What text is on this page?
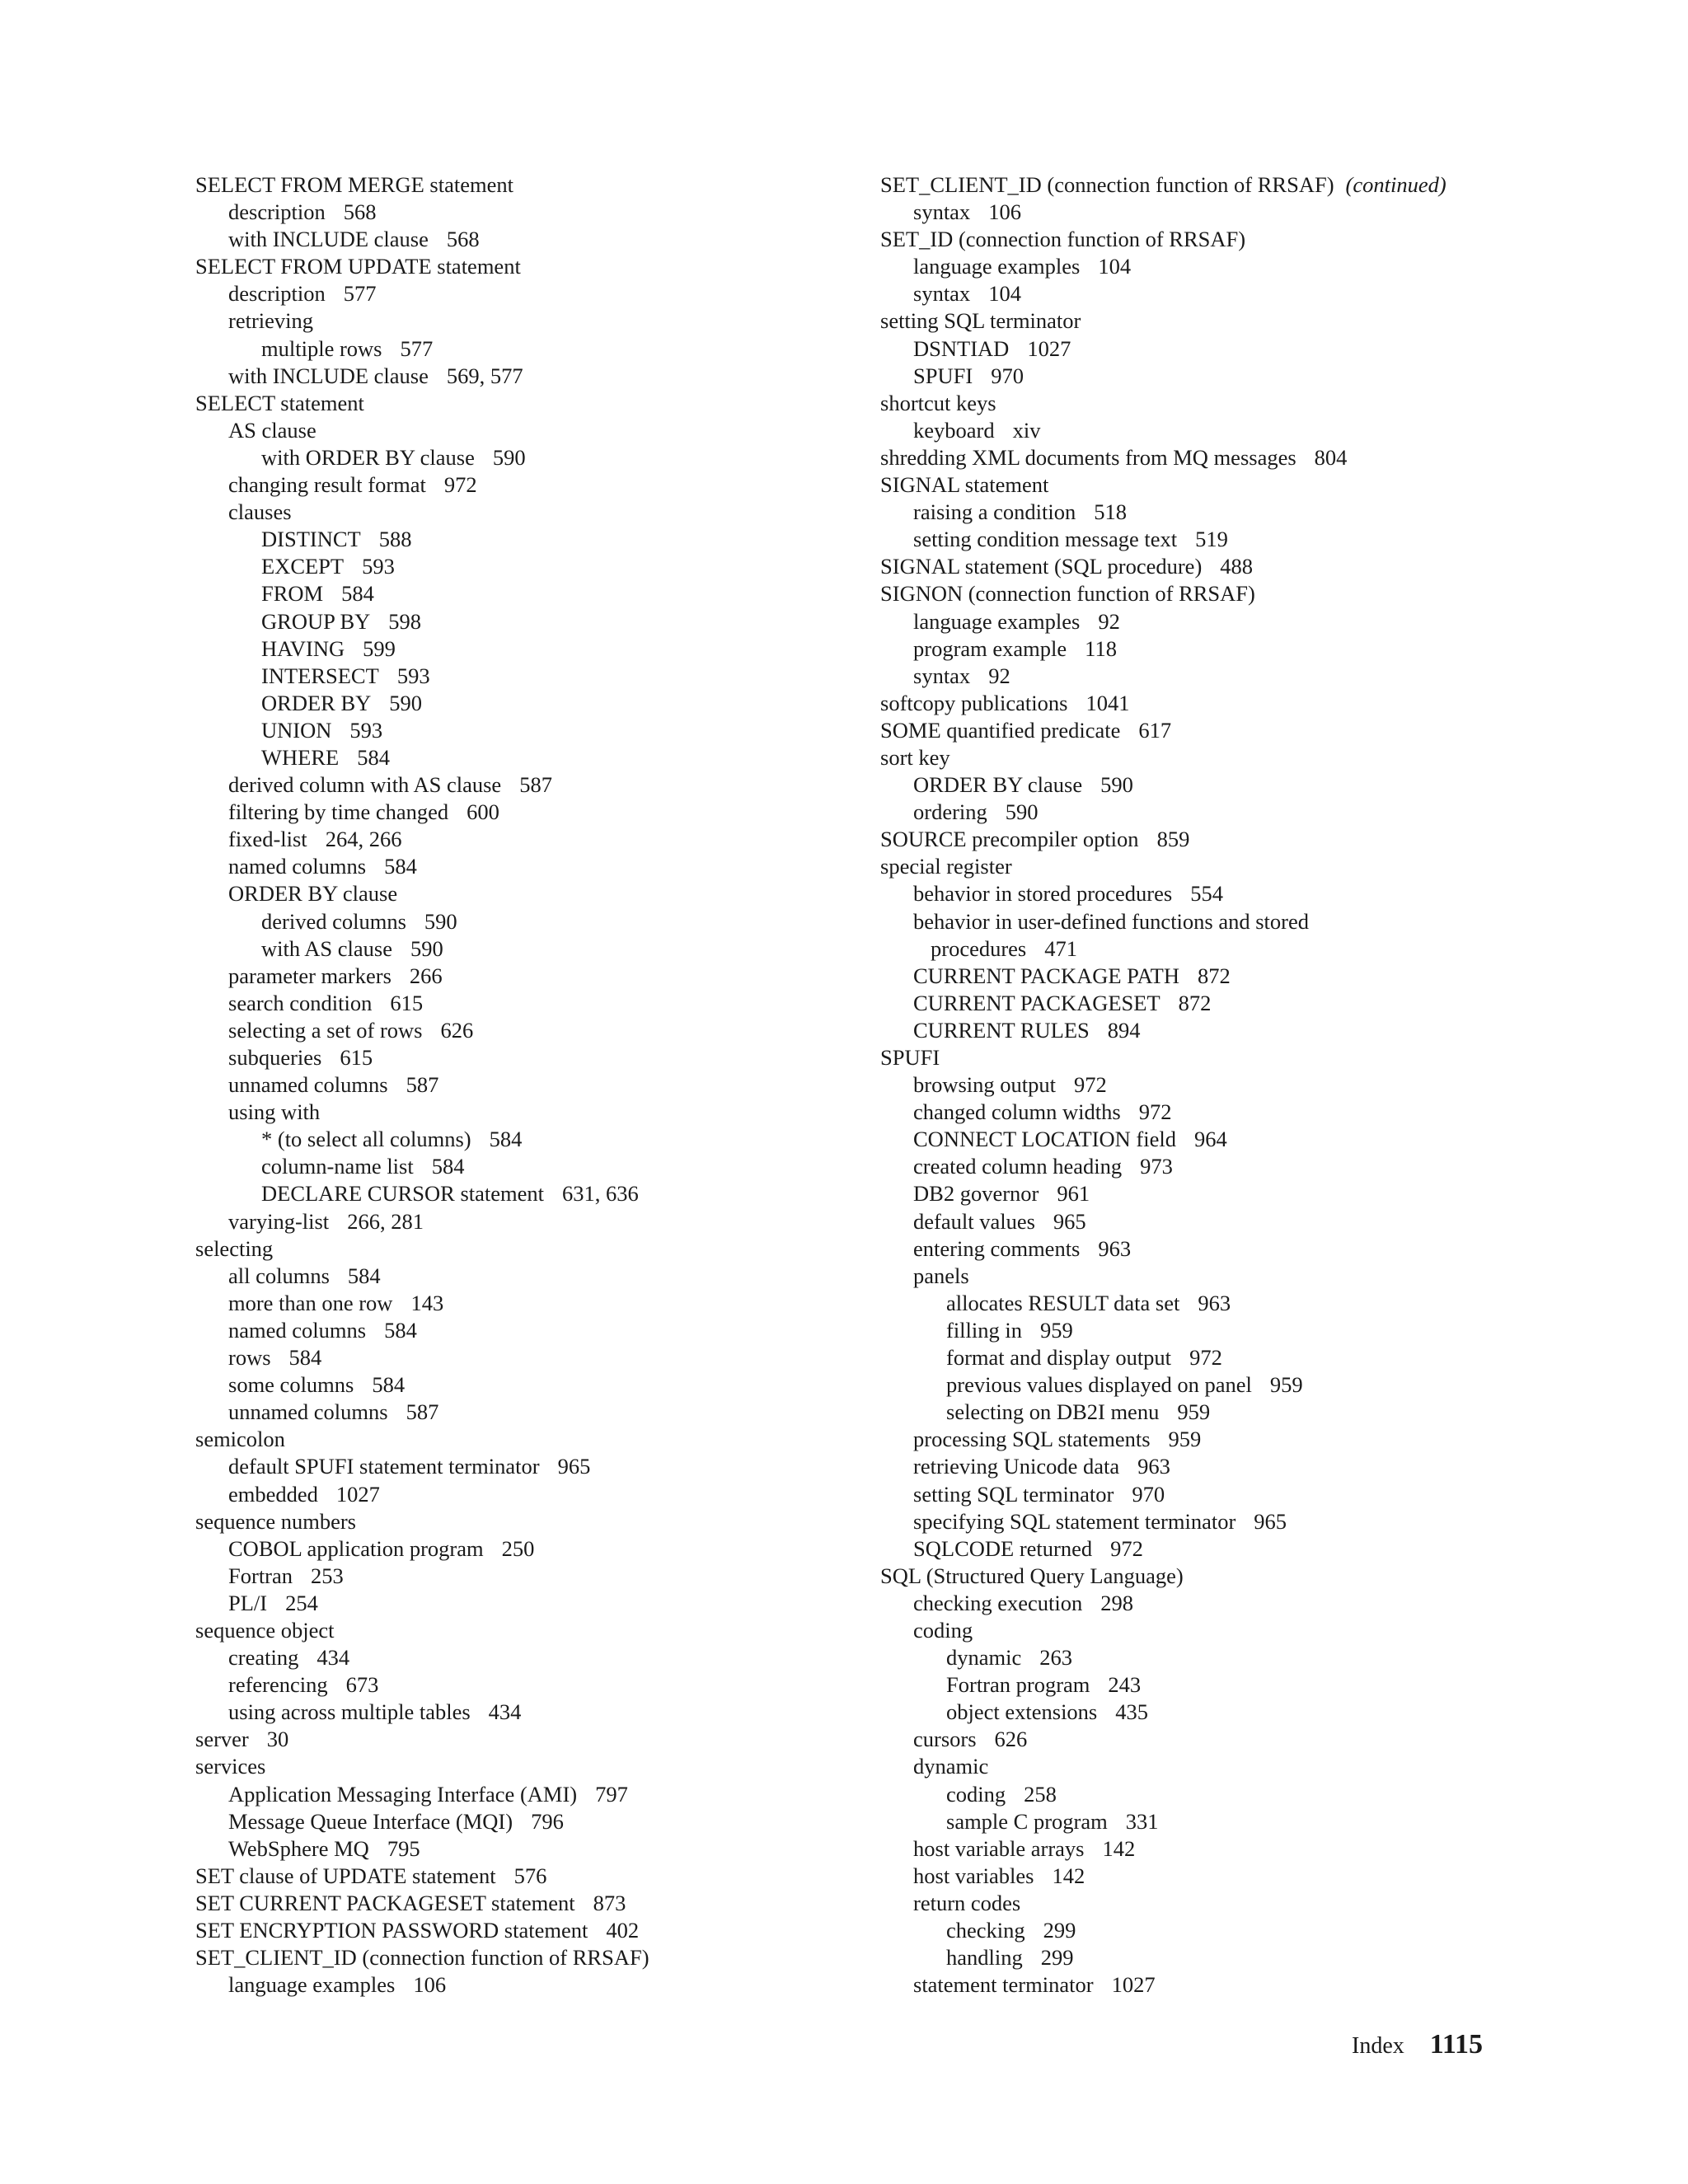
SELECT FROM MERGE statement
description 568
with INCLUDE clause 568
SELECT FROM UPDATE statement
description 577
retrieving
multiple rows 577
with INCLUDE clause 569, 577
SELECT statement
AS clause
with ORDER BY clause 590
changing result format 972
clauses
DISTINCT 588
EXCEPT 593
FROM 584
GROUP BY 598
HAVING 599
INTERSECT 593
ORDER BY 590
UNION 593
WHERE 584
derived column with AS clause 587
filtering by time changed 600
fixed-list 264, 266
named columns 584
ORDER BY clause
derived columns 590
with AS clause 590
parameter markers 266
search condition 615
selecting a set of rows 626
subqueries 615
unnamed columns 587
using with
* (to select all columns) 584
column-name list 584
DECLARE CURSOR statement 631, 636
varying-list 266, 281
selecting
all columns 584
more than one row 143
named columns 584
rows 584
some columns 584
unnamed columns 587
semicolon
default SPUFI statement terminator 965
embedded 1027
sequence numbers
COBOL application program 250
Fortran 253
PL/I 254
sequence object
creating 434
referencing 673
using across multiple tables 434
server 30
services
Application Messaging Interface (AMI) 797
Message Queue Interface (MQI) 796
WebSphere MQ 795
SET clause of UPDATE statement 576
SET CURRENT PACKAGESET statement 873
SET ENCRYPTION PASSWORD statement 402
SET_CLIENT_ID (connection function of RRSAF)
language examples 106
SET_CLIENT_ID (connection function of RRSAF) (continued)
syntax 106
SET_ID (connection function of RRSAF)
language examples 104
syntax 104
setting SQL terminator
DSNTIAD 1027
SPUFI 970
shortcut keys
keyboard xiv
shredding XML documents from MQ messages 804
SIGNAL statement
raising a condition 518
setting condition message text 519
SIGNAL statement (SQL procedure) 488
SIGNON (connection function of RRSAF)
language examples 92
program example 118
syntax 92
softcopy publications 1041
SOME quantified predicate 617
sort key
ORDER BY clause 590
ordering 590
SOURCE precompiler option 859
special register
behavior in stored procedures 554
behavior in user-defined functions and stored
procedures 471
CURRENT PACKAGE PATH 872
CURRENT PACKAGESET 872
CURRENT RULES 894
SPUFI
browsing output 972
changed column widths 972
CONNECT LOCATION field 964
created column heading 973
DB2 governor 961
default values 965
entering comments 963
panels
allocates RESULT data set 963
filling in 959
format and display output 972
previous values displayed on panel 959
selecting on DB2I menu 959
processing SQL statements 959
retrieving Unicode data 963
setting SQL terminator 970
specifying SQL statement terminator 965
SQLCODE returned 972
SQL (Structured Query Language)
checking execution 298
coding
dynamic 263
Fortran program 243
object extensions 435
cursors 626
dynamic
coding 258
sample C program 331
host variable arrays 142
host variables 142
return codes
checking 299
handling 299
statement terminator 1027
Index 1115
